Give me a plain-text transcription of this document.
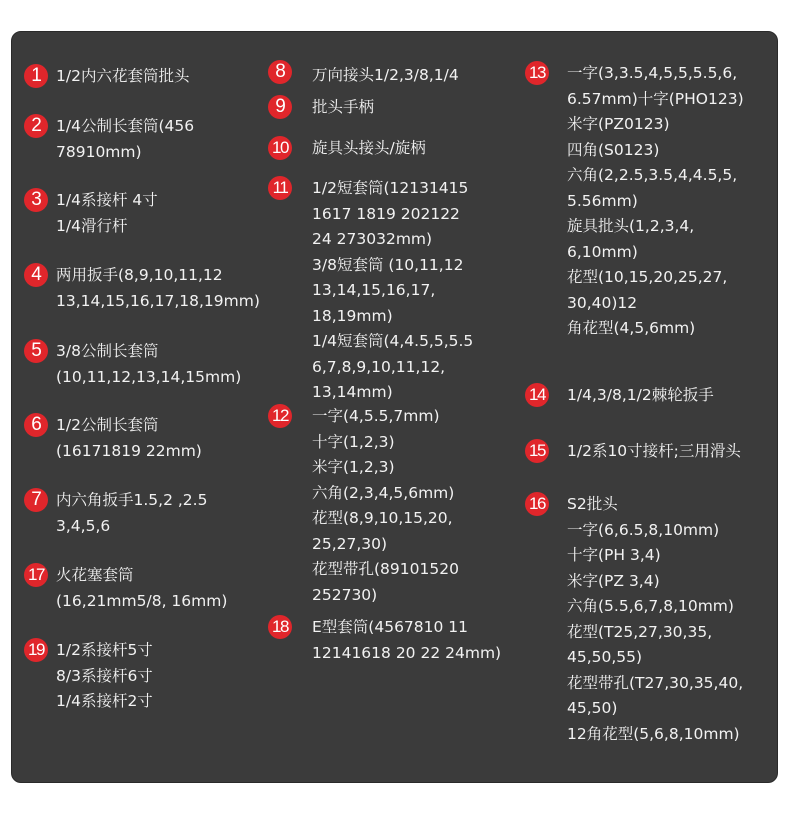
1 1/2内六花套筒批头
2 1/4公制长套筒(456
78910mm)
3 1/4系接杆 4寸
1/4滑行杆
4 两用扳手(8,9,10,11,12
13,14,15,16,17,18,19mm)
5 3/8公制长套筒
(10,11,12,13,14,15mm)
6 1/2公制长套筒
(16171819 22mm)
7 内六角扳手1.5,2 ,2.5
3,4,5,6
17 火花塞套筒
(16,21mm5/8, 16mm)
19 1/2系接杆5寸
8/3系接杆6寸
1/4系接杆2寸
8	万向接头1/2,3/8,1/4
9	批头手柄
10 旋具头接头/旋柄
11	1/2短套筒(12131415
1617 1819 202122
24 273032mm)
3/8短套筒 (10,11,12
13,14,15,16,17,
18,19mm)
1/4短套筒(4,4.5,5,5.5
6,7,8,9,10,11,12,
13,14mm)
12 一字(4,5.5,7mm)
十字(1,2,3)
米字(1,2,3)
六角(2,3,4,5,6mm)
花型(8,9,10,15,20,
25,27,30)
花型带孔(89101520
252730)
18 E型套筒(4567810 11
12141618 20 22 24mm)
13 一字(3,3.5,4,5,5,5.5,6,
6.57mm)十字(PHO123)
米字(PZ0123)
四角(S0123)
六角(2,2.5,3.5,4,4.5,5,
5.56mm)
旋具批头(1,2,3,4,
6,10mm)
花型(10,15,20,25,27,
30,40)12
角花型(4,5,6mm)
14 1/4,3/8,1/2棘轮扳手
15 1/2系10寸接杆;三用滑头
16 S2批头
一字(6,6.5,8,10mm)
十字(PH 3,4)
米字(PZ 3,4)
六角(5.5,6,7,8,10mm)
花型(T25,27,30,35,
45,50,55)
花型带孔(T27,30,35,40,
45,50)
12角花型(5,6,8,10mm)
